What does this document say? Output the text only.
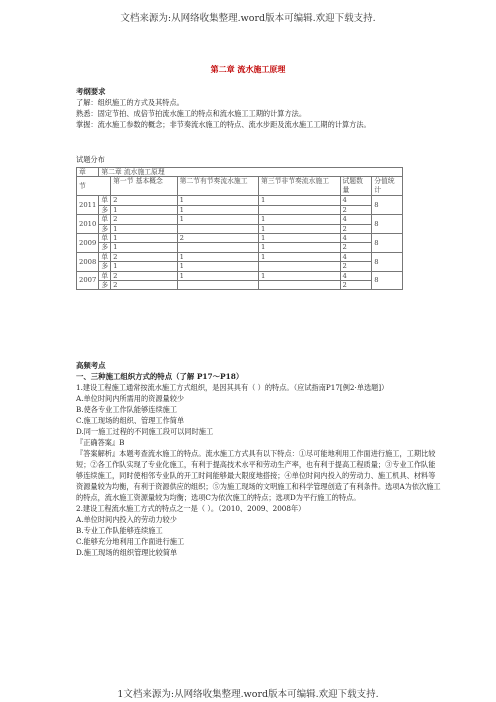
文档来源为:从网络收集整理.word版本可编辑.欢迎下载支持.
第二章 流水施工原理
考纲要求
了解：组织施工的方式及其特点。
熟悉：固定节拍、成倍节拍流水施工的特点和流水施工工期的计算方法。
掌握：流水施工参数的概念；非节奏流水施工的特点、流水步距及流水施工工期的计算方法。
试题分布
章	第二章 流水施工原理					
节		第一节 基本概念	第二节有节奏流水施工	第三节非节奏流水施工	试题数量	分值统计
2011	单	2	1	1	4	8
	多	1	1		2	
2010	单	2	1	1	4	8
	多	1		1	2	
2009	单	1	2	1	4	8
	多	1		1	2	
2008	单	2	1	1	4	8
	多	1	1		2	
2007	单	2	1	1	4	8
	多	2			2	
高频考点
一、三种施工组织方式的特点（了解 P17～P18）
1.建设工程施工通常按流水施工方式组织，是因其具有（ ）的特点。（应试指南P17[例2·单选题]）
A.单位时间内所需用的资源量较少
B.使各专业工作队能够连续施工
C.施工现场的组织、管理工作简单
D.同一施工过程的不同施工段可以同时施工
『正确答案』B
『答案解析』本题考查流水施工的特点。流水施工方式具有以下特点：①尽可能地利用工作面进行施工，工期比较短；②各工作队实现了专业化施工，有利于提高技术水平和劳动生产率，也有利于提高工程质量；③专业工作队能够连续施工，同时使相邻专业队的开工时间能够最大限度地搭接；④单位时间内投入的劳动力、施工机具、材料等资源量较为均衡，有利于资源供应的组织；⑤为施工现场的文明施工和科学管理创造了有利条件。选项A为依次施工的特点，流水施工资源量较为均衡；选项C为依次施工的特点；选项D为平行施工的特点。
2.建设工程流水施工方式的特点之一是（ ）。（2010、2009、2008年）
A.单位时间内投入的劳动力较少
B.专业工作队能够连续施工
C.能够充分地利用工作面进行施工
D.施工现场的组织管理比较简单
1文档来源为:从网络收集整理.word版本可编辑.欢迎下载支持.
